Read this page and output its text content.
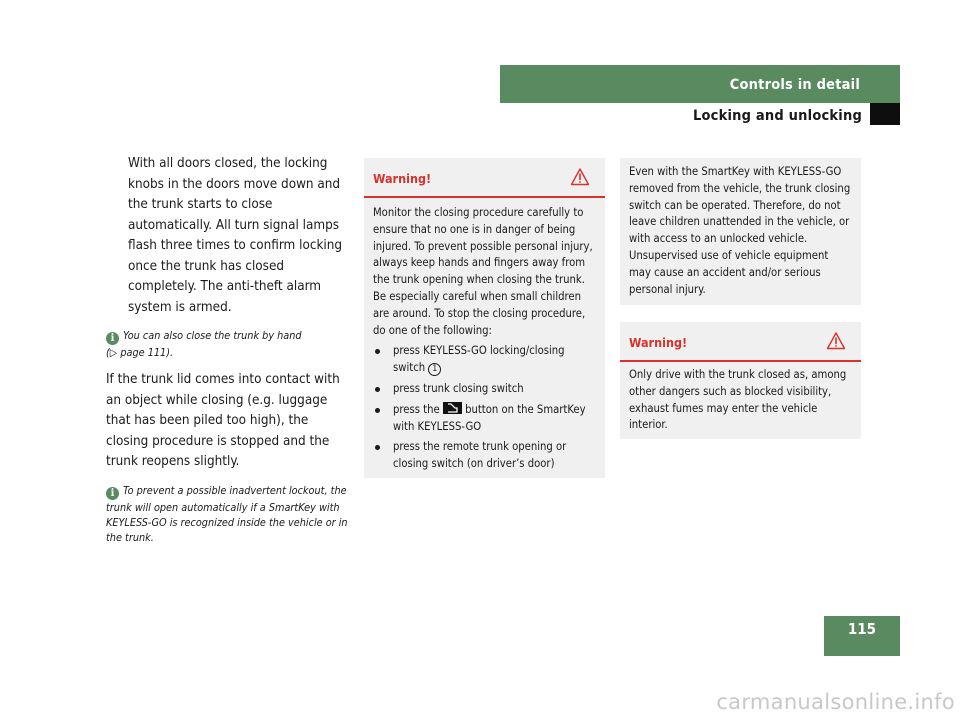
Controls in detail
Locking and unlocking

With all doors closed, the locking knobs in the doors move down and the trunk starts to close automatically. All turn signal lamps flash three times to confirm locking once the trunk has closed completely. The anti-theft alarm system is armed.

i You can also close the trunk by hand
(▷ page 111).

If the trunk lid comes into contact with an object while closing (e.g. luggage that has been piled too high), the closing procedure is stopped and the trunk reopens slightly.

i To prevent a possible inadvertent lockout, the trunk will open automatically if a SmartKey with KEYLESS-GO is recognized inside the vehicle or in the trunk.
Warning!

Monitor the closing procedure carefully to ensure that no one is in danger of being injured. To prevent possible personal injury, always keep hands and fingers away from the trunk opening when closing the trunk. Be especially careful when small children are around. To stop the closing procedure, do one of the following:

press KEYLESS-GO locking/closing switch 1
press trunk closing switch
press the button on the SmartKey with KEYLESS-GO
press the remote trunk opening or closing switch (on driver’s door)

Even with the SmartKey with KEYLESS-GO removed from the vehicle, the trunk closing switch can be operated. Therefore, do not leave children unattended in the vehicle, or with access to an unlocked vehicle. Unsupervised use of vehicle equipment may cause an accident and/or serious personal injury.

Warning!

Only drive with the trunk closed as, among other dangers such as blocked visibility, exhaust fumes may enter the vehicle interior.

115
carmanualsonline.info
